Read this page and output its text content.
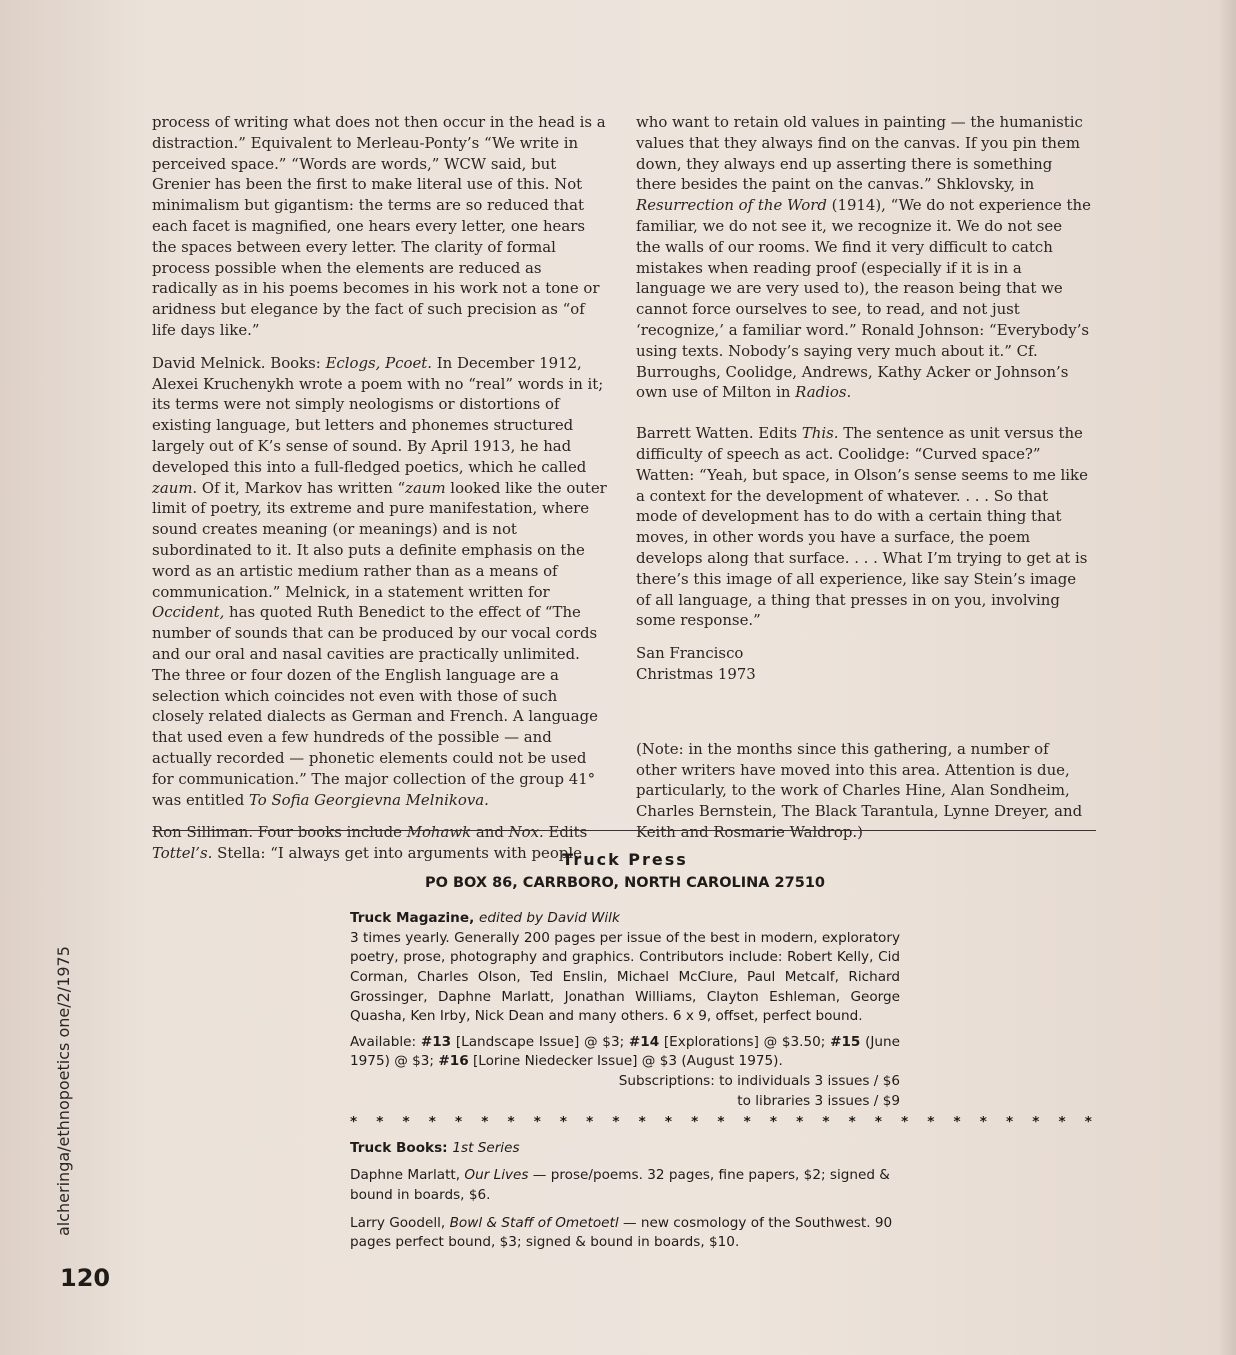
process of writing what does not then occur in the head is a distraction.” Equivalent to Merleau-Ponty’s “We write in perceived space.” “Words are words,” WCW said, but Grenier has been the first to make literal use of this. Not minimalism but gigantism: the terms are so reduced that each facet is magnified, one hears every letter, one hears the spaces between every letter. The clarity of formal process possible when the elements are reduced as radically as in his poems becomes in his work not a tone or aridness but elegance by the fact of such precision as “of life days like.”

David Melnick. Books: Eclogs, Pcoet. In December 1912, Alexei Kruchenykh wrote a poem with no “real” words in it; its terms were not simply neologisms or distortions of existing language, but letters and phonemes structured largely out of K’s sense of sound. By April 1913, he had developed this into a full-fledged poetics, which he called zaum. Of it, Markov has written “zaum looked like the outer limit of poetry, its extreme and pure manifestation, where sound creates meaning (or meanings) and is not subordinated to it. It also puts a definite emphasis on the word as an artistic medium rather than as a means of communication.” Melnick, in a statement written for Occident, has quoted Ruth Benedict to the effect of “The number of sounds that can be produced by our vocal cords and our oral and nasal cavities are practically unlimited. The three or four dozen of the English language are a selection which coincides not even with those of such closely related dialects as German and French. A language that used even a few hundreds of the possible — and actually recorded — phonetic elements could not be used for communication.” The major collection of the group 41° was entitled To Sofia Georgievna Melnikova.

Ron Silliman. Four books include Mohawk and Nox. Edits Tottel’s. Stella: “I always get into arguments with people

who want to retain old values in painting — the humanistic values that they always find on the canvas. If you pin them down, they always end up asserting there is something there besides the paint on the canvas.” Shklovsky, in Resurrection of the Word (1914), “We do not experience the familiar, we do not see it, we recognize it. We do not see the walls of our rooms. We find it very difficult to catch mistakes when reading proof (especially if it is in a language we are very used to), the reason being that we cannot force ourselves to see, to read, and not just ‘recognize,’ a familiar word.” Ronald Johnson: “Everybody’s using texts. Nobody’s saying very much about it.” Cf. Burroughs, Coolidge, Andrews, Kathy Acker or Johnson’s own use of Milton in Radios.

Barrett Watten. Edits This. The sentence as unit versus the difficulty of speech as act. Coolidge: “Curved space?” Watten: “Yeah, but space, in Olson’s sense seems to me like a context for the development of whatever. . . . So that mode of development has to do with a certain thing that moves, in other words you have a surface, the poem develops along that surface. . . . What I’m trying to get at is there’s this image of all experience, like say Stein’s image of all language, a thing that presses in on you, involving some response.”

San Francisco
Christmas 1973

(Note: in the months since this gathering, a number of other writers have moved into this area. Attention is due, particularly, to the work of Charles Hine, Alan Sondheim, Charles Bernstein, The Black Tarantula, Lynne Dreyer, and Keith and Rosmarie Waldrop.)

Truck Press
PO BOX 86, CARRBORO, NORTH CAROLINA 27510

Truck Magazine, edited by David Wilk

3 times yearly. Generally 200 pages per issue of the best in modern, exploratory poetry, prose, photography and graphics. Contributors include: Robert Kelly, Cid Corman, Charles Olson, Ted Enslin, Michael McClure, Paul Metcalf, Richard Grossinger, Daphne Marlatt, Jonathan Williams, Clayton Eshleman, George Quasha, Ken Irby, Nick Dean and many others. 6 x 9, offset, perfect bound.

Available: #13 [Landscape Issue] @ $3; #14 [Explorations] @ $3.50; #15 (June 1975) @ $3; #16 [Lorine Niedecker Issue] @ $3 (August 1975).

Subscriptions: to individuals 3 issues / $6

to libraries 3 issues / $9

* * * * * * * * * * * * * * * * * * * * * * * * * * * * *

Truck Books: 1st Series

Daphne Marlatt, Our Lives — prose/poems. 32 pages, fine papers, $2; signed & bound in boards, $6.

Larry Goodell, Bowl & Staff of Ometoetl — new cosmology of the Southwest. 90 pages perfect bound, $3; signed & bound in boards, $10.

alcheringa/ethnopoetics one/2/1975
120
